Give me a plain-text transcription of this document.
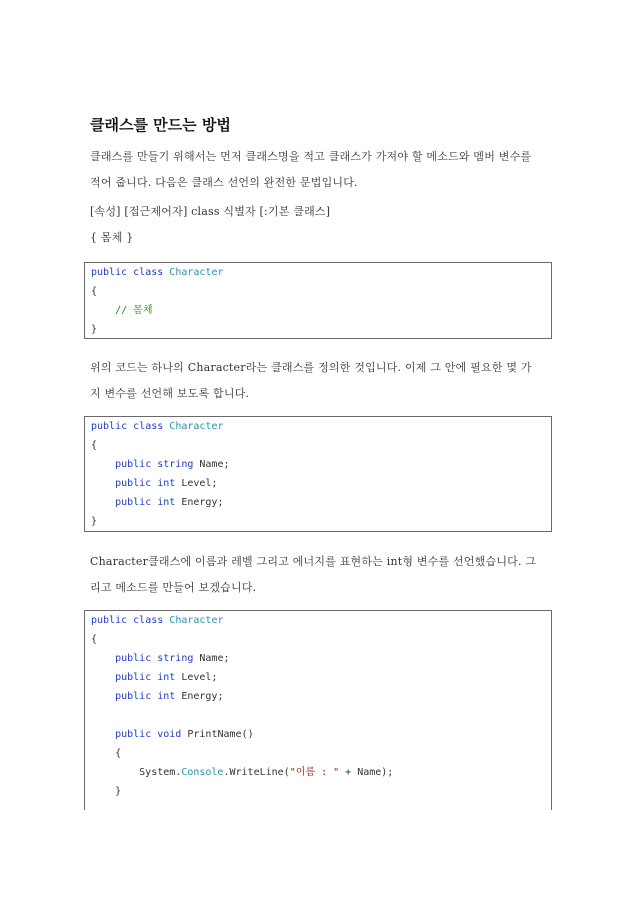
클래스를 만드는 방법

클래스를 만들기 위해서는 먼저 클래스명을 적고 클래스가 가져야 할 메소드와 멤버 변수를

적어 줍니다. 다음은 클래스 선언의 완전한 문법입니다.

[속성] [접근제어자] class 식별자 [:기본 클래스]

{ 몸체 }

public class Character
{
// 몸체
}

위의 코드는 하나의 Character라는 클래스를 정의한 것입니다. 이제 그 안에 필요한 몇 가

지 변수를 선언해 보도록 합니다.

public class Character
{
public string Name;
public int Level;
public int Energy;
}

Character클래스에 이름과 레벨 그리고 에너지를 표현하는 int형 변수를 선언했습니다. 그

리고 메소드를 만들어 보겠습니다.

public class Character
{
public string Name;
public int Level;
public int Energy;
public void PrintName()
{
System.Console.WriteLine("이름 : " + Name);
}
